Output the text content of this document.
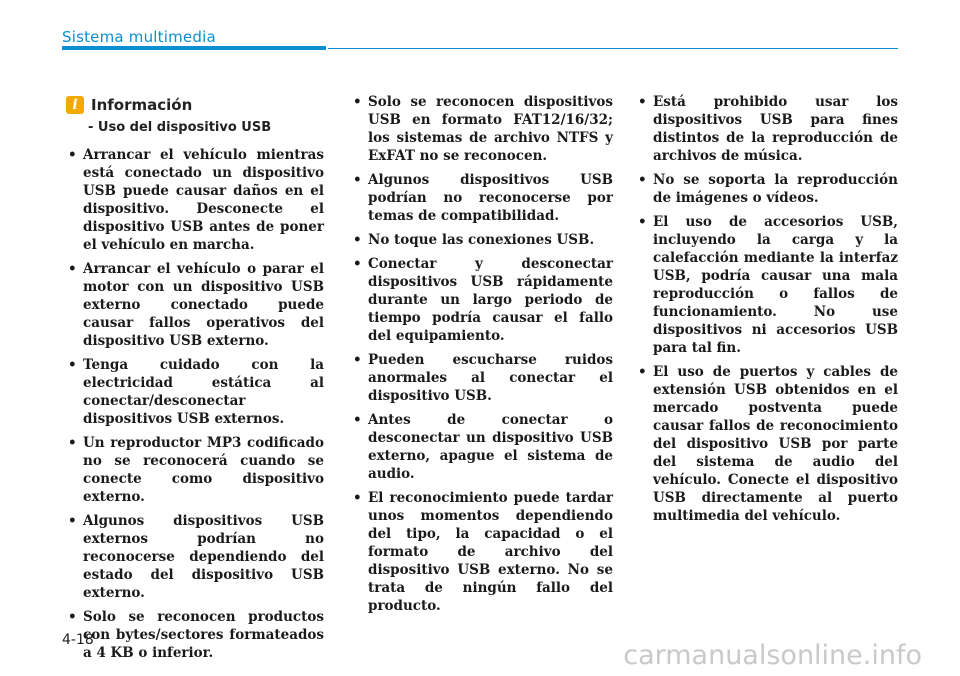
Sistema multimedia
i Información
- Uso del dispositivo USB
• Arrancar el vehículo mientras está conectado un dispositivo USB puede causar daños en el dispositivo. Desconecte el dispositivo USB antes de poner el vehículo en marcha.
• Arrancar el vehículo o parar el motor con un dispositivo USB externo conectado puede causar fallos operativos del dispositivo USB externo.
• Tenga cuidado con la electricidad estática al conectar/desconectar dispositivos USB externos.
• Un reproductor MP3 codificado no se reconocerá cuando se conecte como dispositivo externo.
• Algunos dispositivos USB externos podrían no reconocerse dependiendo del estado del dispositivo USB externo.
• Solo se reconocen productos con bytes/sectores formateados a 4 KB o inferior.
• Solo se reconocen dispositivos USB en formato FAT12/16/32; los sistemas de archivo NTFS y ExFAT no se reconocen.
• Algunos dispositivos USB podrían no reconocerse por temas de compatibilidad.
• No toque las conexiones USB.
• Conectar y desconectar dispositivos USB rápidamente durante un largo periodo de tiempo podría causar el fallo del equipamiento.
• Pueden escucharse ruidos anormales al conectar el dispositivo USB.
• Antes de conectar o desconectar un dispositivo USB externo, apague el sistema de audio.
• El reconocimiento puede tardar unos momentos dependiendo del tipo, la capacidad o el formato de archivo del dispositivo USB externo. No se trata de ningún fallo del producto.
• Está prohibido usar los dispositivos USB para fines distintos de la reproducción de archivos de música.
• No se soporta la reproducción de imágenes o vídeos.
• El uso de accesorios USB, incluyendo la carga y la calefacción mediante la interfaz USB, podría causar una mala reproducción o fallos de funcionamiento. No use dispositivos ni accesorios USB para tal fin.
• El uso de puertos y cables de extensión USB obtenidos en el mercado postventa puede causar fallos de reconocimiento del dispositivo USB por parte del sistema de audio del vehículo. Conecte el dispositivo USB directamente al puerto multimedia del vehículo.
4-18	carmanualsonline.info
